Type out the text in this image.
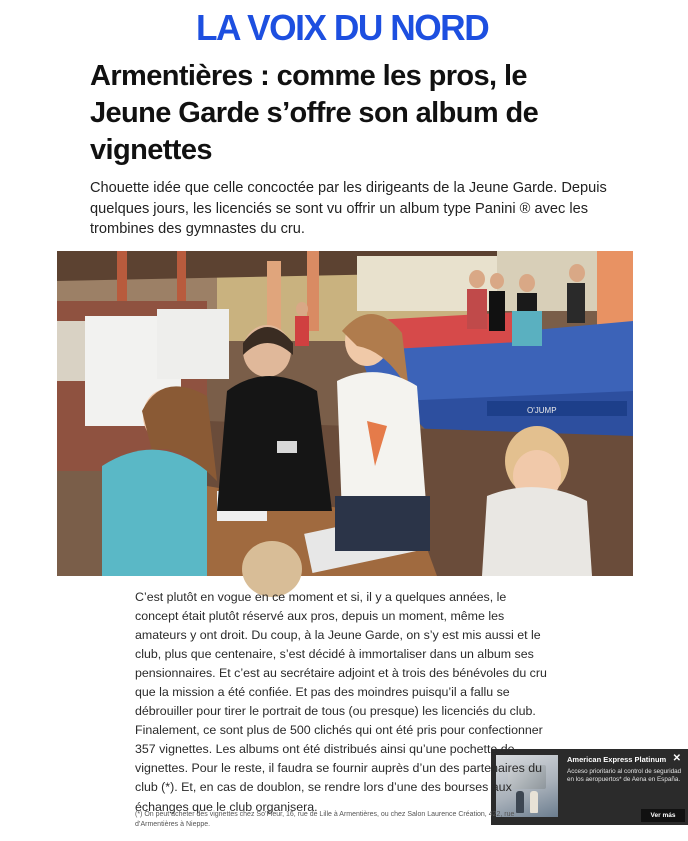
LA VOIX DU NORD
Armentières : comme les pros, le Jeune Garde s’offre son album de vignettes

Chouette idée que celle concoctée par les dirigeants de la Jeune Garde. Depuis quelques jours, les licenciés se sont vu offrir un album type Panini ® avec les trombines des gymnastes du cru.

O'JUMP
American Express Platinum ✕
Acceso prioritario al control de seguridad en los aeropuertos* de Aena en España.
Ver más

C’est plutôt en vogue en ce moment et si, il y a quelques années, le concept était plutôt réservé aux pros, depuis un moment, même les amateurs y ont droit. Du coup, à la Jeune Garde, on s’y est mis aussi et le club, plus que centenaire, s’est décidé à immortaliser dans un album ses pensionnaires. Et c’est au secrétaire adjoint et à trois des bénévoles du cru que la mission a été confiée. Et pas des moindres puisqu’il a fallu se débrouiller pour tirer le portrait de tous (ou presque) les licenciés du club. Finalement, ce sont plus de 500 clichés qui ont été pris pour confectionner 357 vignettes. Les albums ont été distribués ainsi qu’une pochette de vignettes. Pour le reste, il faudra se fournir auprès d’un des partenaires du club (*). Et, en cas de doublon, se rendre lors d’une des bourses aux échanges que le club organisera.

(*) On peut acheter des vignettes chez So’Fleur, 16, rue de Lille à Armentières, ou chez Salon Laurence Création, 422, rue d’Armentières à Nieppe.
